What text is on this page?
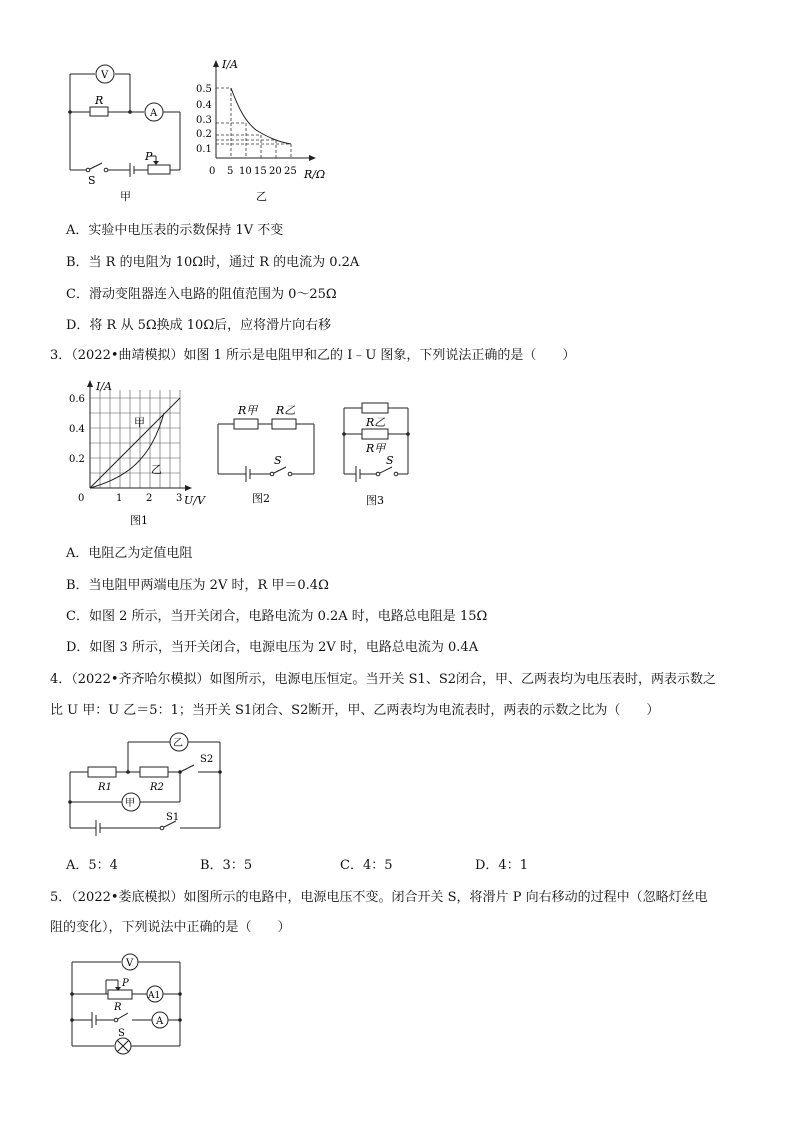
V
A
R
P
S
甲
I/A
R/Ω
0.5
0.4
0.3
0.2
0.1
0 5 10 15 20 25
乙
A．实验中电压表的示数保持 1V 不变
B．当 R 的电阻为 10Ω时，通过 R 的电流为 0.2A
C．滑动变阻器连入电路的阻值范围为 0～25Ω
D．将 R 从 5Ω换成 10Ω后，应将滑片向右移
3．（2022•曲靖模拟）如图 1 所示是电阻甲和乙的 I﹣U 图象，下列说法正确的是（　　）
I/A
U/V
0.6
0.4
0.2
0	1 2 3
甲
乙
图1
R甲 R乙
S
图2
R乙
R甲
S
图3
A．电阻乙为定值电阻
B．当电阻甲两端电压为 2V 时，R 甲＝0.4Ω
C．如图 2 所示，当开关闭合，电路电流为 0.2A 时，电路总电阻是 15Ω
D．如图 3 所示，当开关闭合，电源电压为 2V 时，电路总电流为 0.4A
4．（2022•齐齐哈尔模拟）如图所示，电源电压恒定。当开关 S1、S2闭合，甲、乙两表均为电压表时，两表示数之
比 U 甲：U 乙＝5：1；当开关 S1闭合、S2断开，甲、乙两表均为电流表时，两表的示数之比为（　　）
乙
甲
R1	R2
S2
S1
A．5：4	B．3：5	C．4：5	D．4：1
5．（2022•娄底模拟）如图所示的电路中，电源电压不变。闭合开关 S，将滑片 P 向右移动的过程中（忽略灯丝电
阻的变化），下列说法中正确的是（　　）
V
P
R
A1
A
S
